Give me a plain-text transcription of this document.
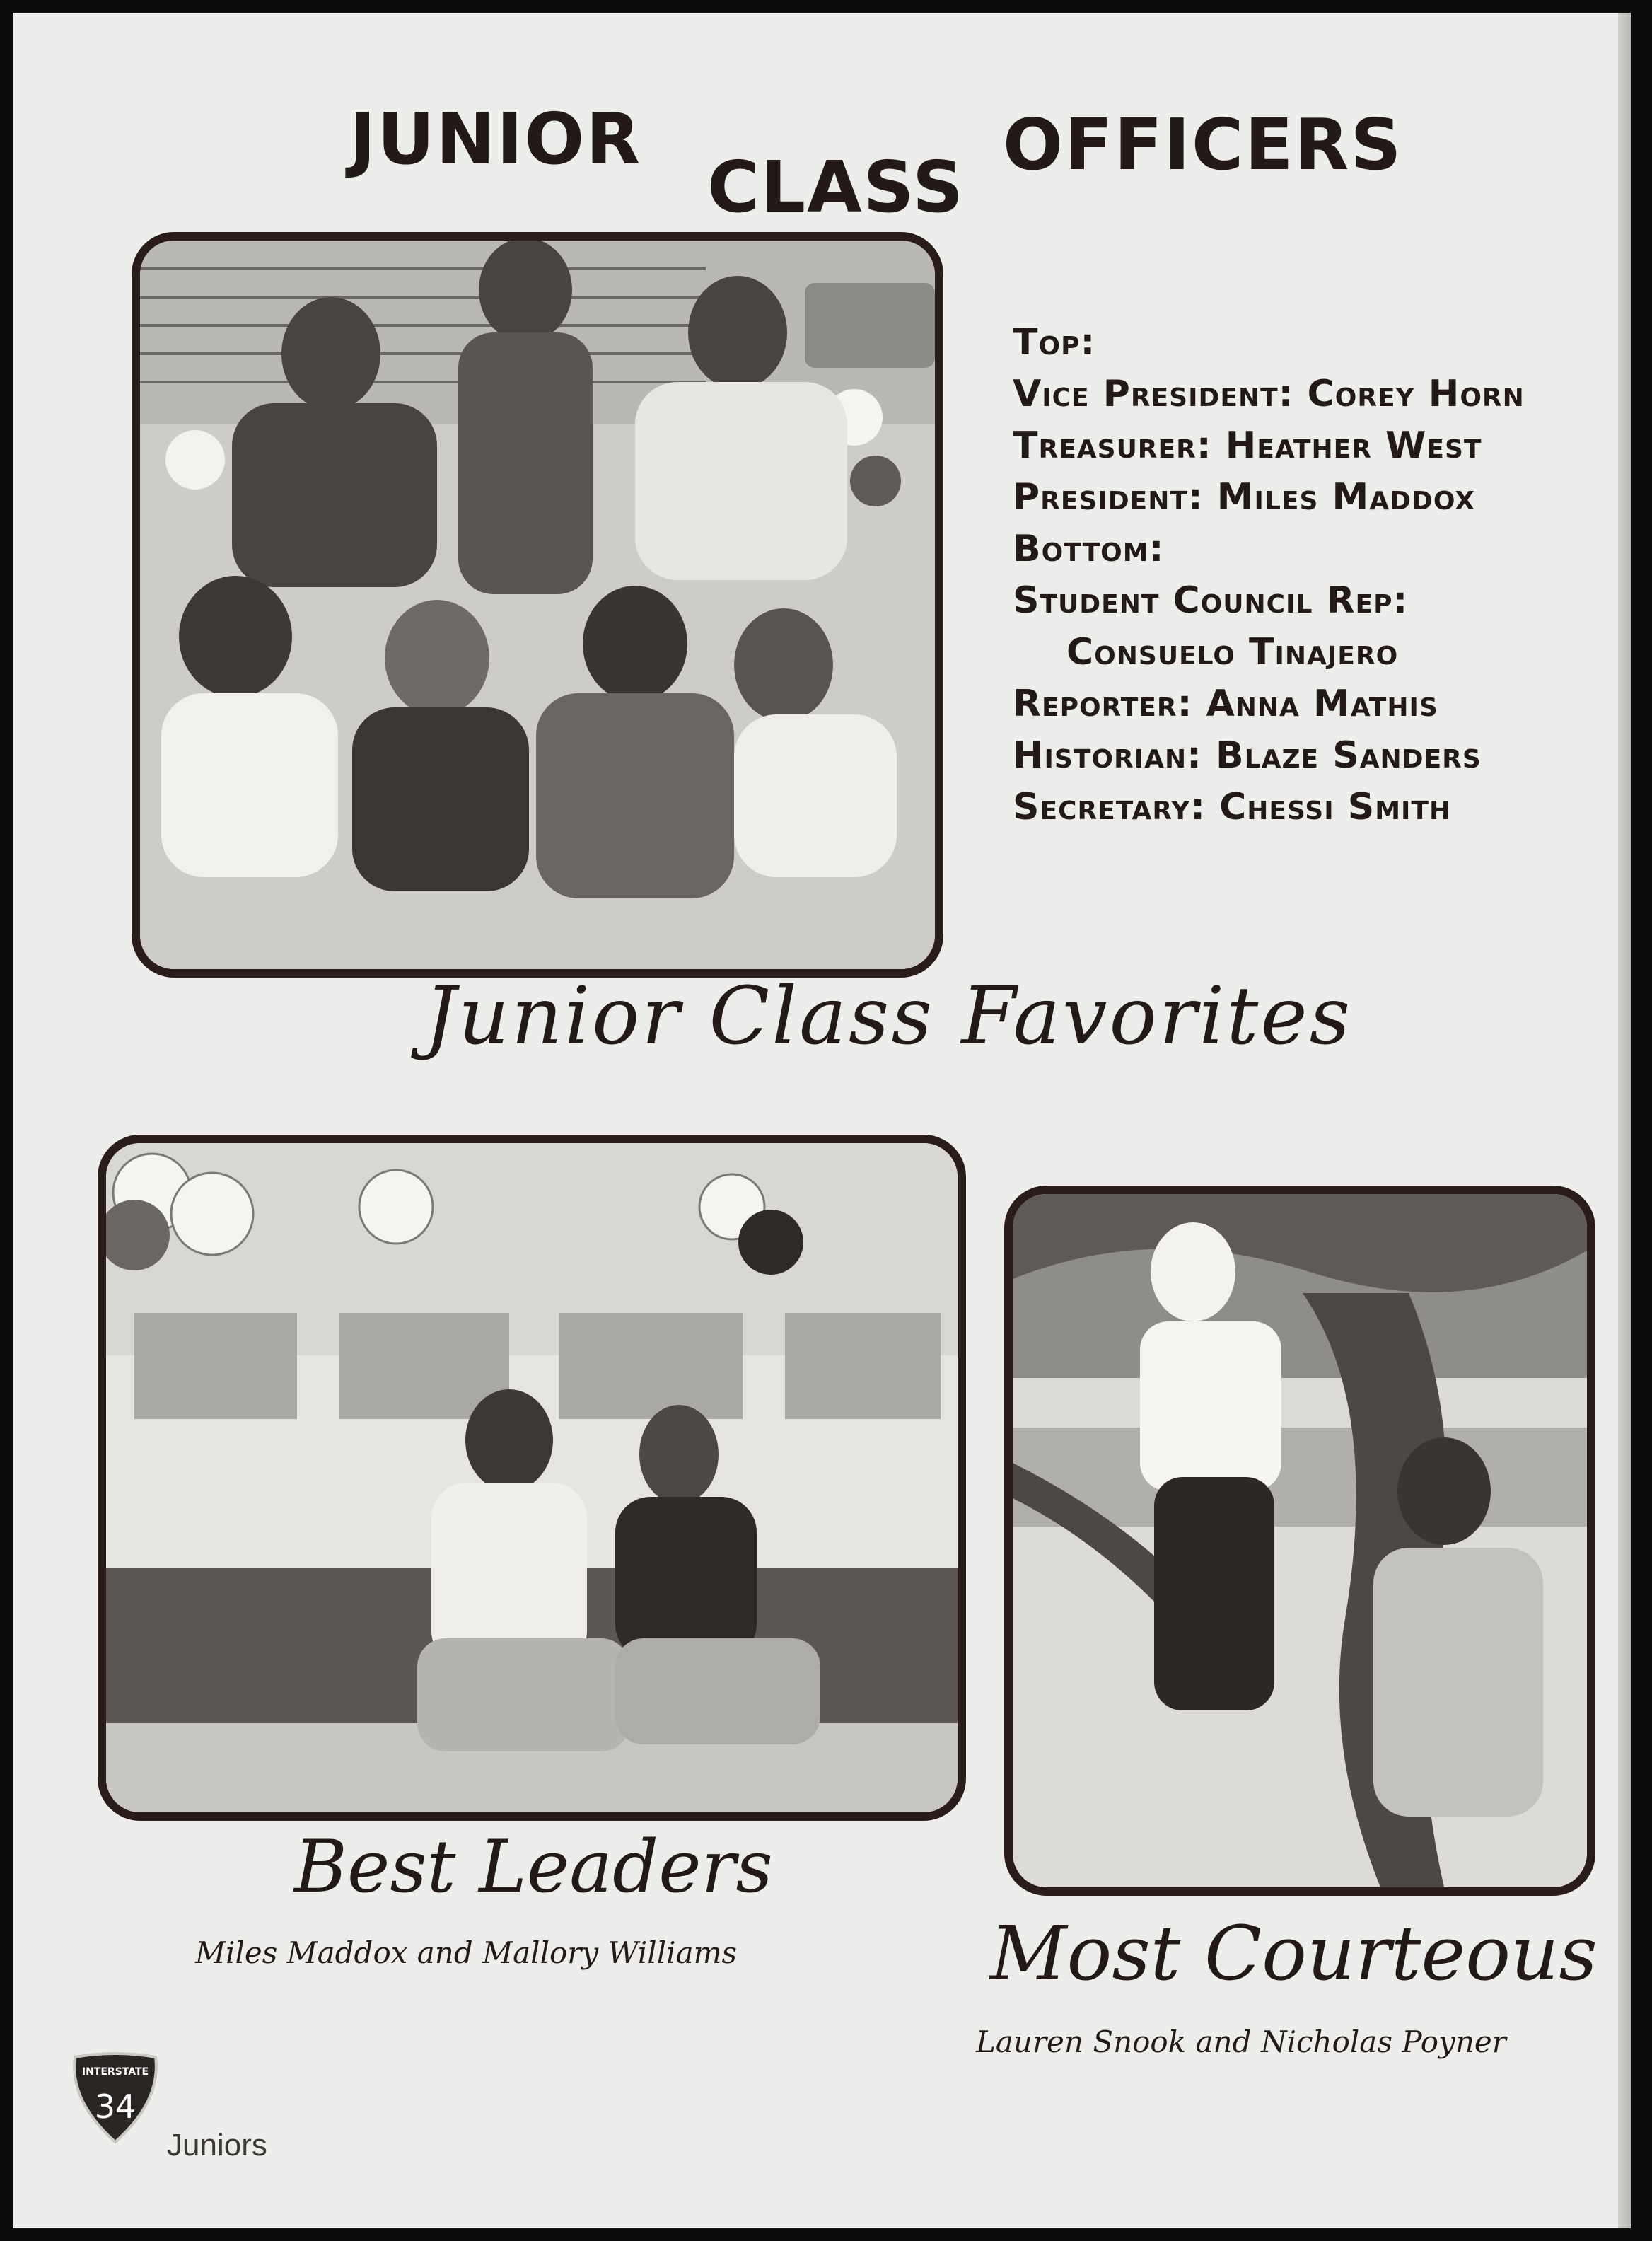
JUNIOR
CLASS
OFFICERS
Top:
Vice President: Corey Horn
Treasurer: Heather West
President: Miles Maddox
Bottom:
Student Council Rep:
Consuelo Tinajero
Reporter: Anna Mathis
Historian: Blaze Sanders
Secretary: Chessi Smith
Junior Class Favorites
Best Leaders
Miles Maddox and Mallory Williams	Most Courteous
Lauren Snook and Nicholas Poyner
INTERSTATE
34
Juniors
